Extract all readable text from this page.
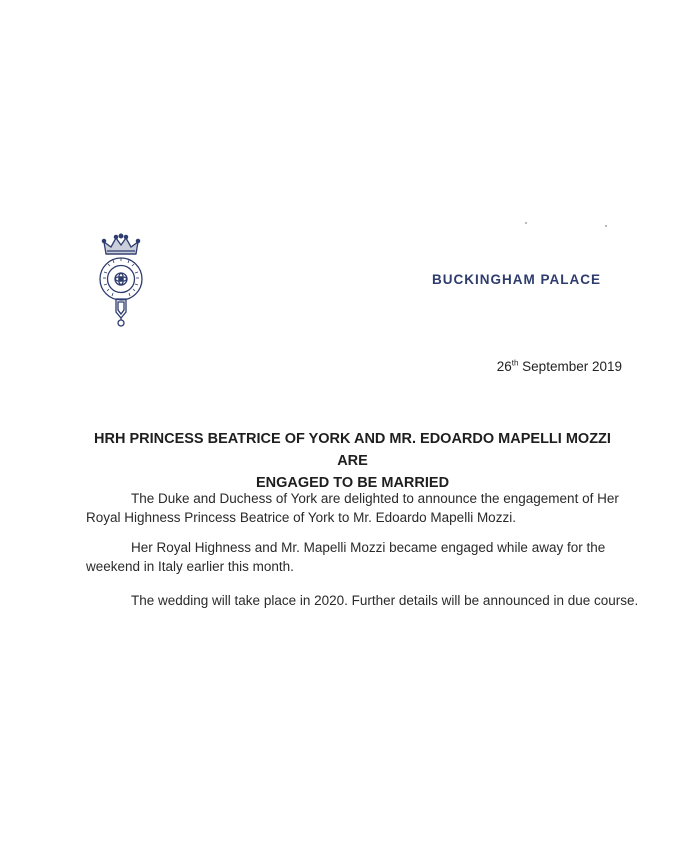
BUCKINGHAM PALACE
26th September 2019
HRH PRINCESS BEATRICE OF YORK AND MR. EDOARDO MAPELLI MOZZI ARE
ENGAGED TO BE MARRIED
The Duke and Duchess of York are delighted to announce the engagement of Her
Royal Highness Princess Beatrice of York to Mr. Edoardo Mapelli Mozzi.
Her Royal Highness and Mr. Mapelli Mozzi became engaged while away for the
weekend in Italy earlier this month.
The wedding will take place in 2020. Further details will be announced in due course.
